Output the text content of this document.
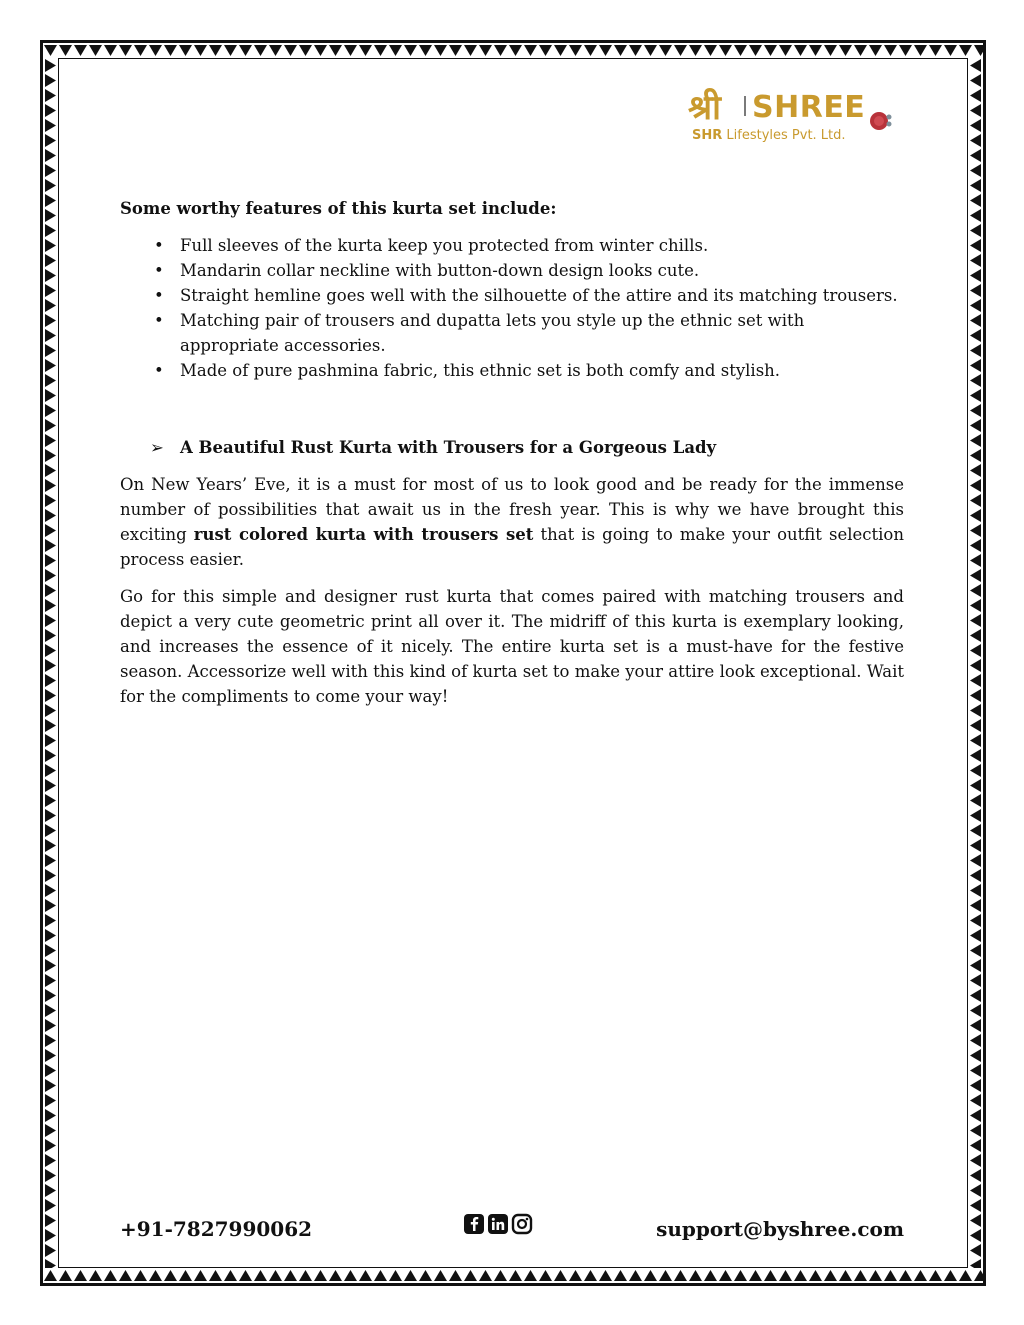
श्री SHREE
SHR Lifestyles Pvt. Ltd.
Some worthy features of this kurta set include:
• Full sleeves of the kurta keep you protected from winter chills.
• Mandarin collar neckline with button-down design looks cute.
• Straight hemline goes well with the silhouette of the attire and its matching trousers.
• Matching pair of trousers and dupatta lets you style up the ethnic set with appropriate accessories.
• Made of pure pashmina fabric, this ethnic set is both comfy and stylish.
➢ A Beautiful Rust Kurta with Trousers for a Gorgeous Lady

On New Years’ Eve, it is a must for most of us to look good and be ready for the immense number of possibilities that await us in the fresh year. This is why we have brought this exciting rust colored kurta with trousers set that is going to make your outfit selection process easier.

Go for this simple and designer rust kurta that comes paired with matching trousers and depict a very cute geometric print all over it. The midriff of this kurta is exemplary looking, and increases the essence of it nicely. The entire kurta set is a must-have for the festive season. Accessorize well with this kind of kurta set to make your attire look exceptional. Wait for the compliments to come your way!

+91-7827990062	support@byshree.com
